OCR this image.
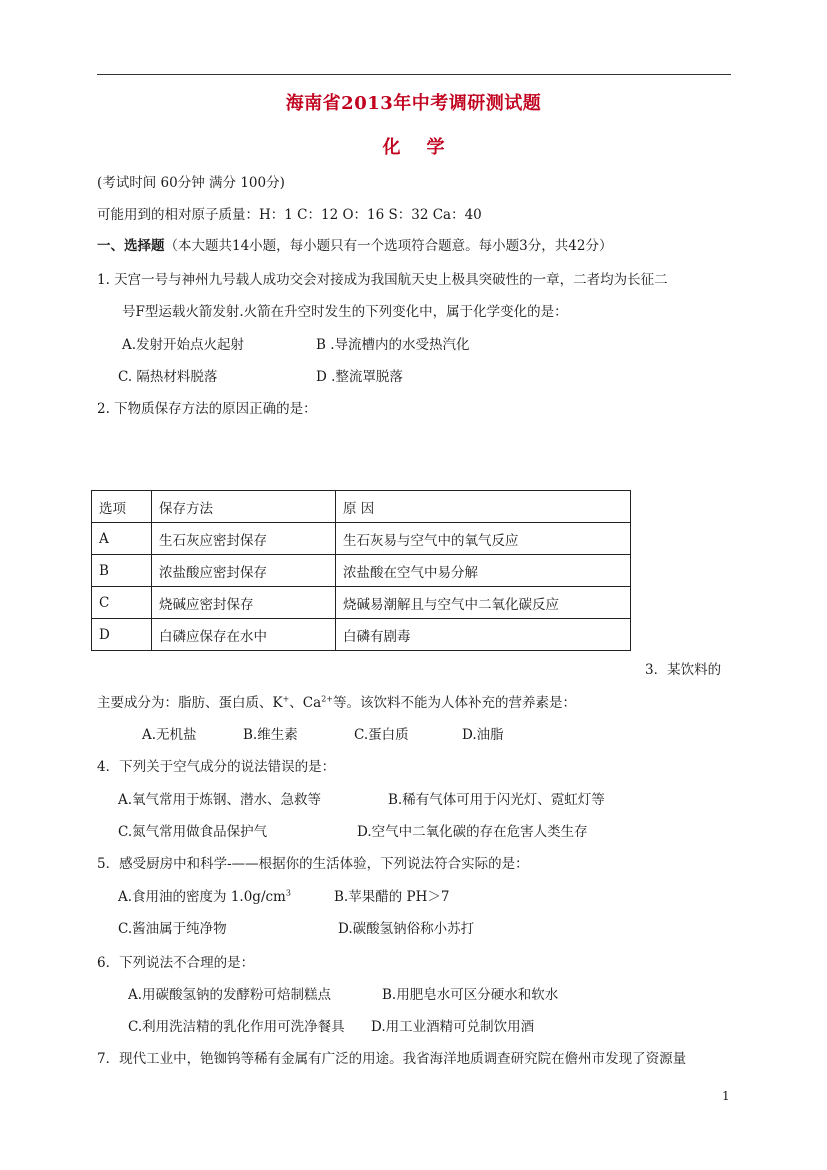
海南省2013年中考调研测试题
化学
(考试时间 60分钟 满分 100分)
可能用到的相对原子质量：H：1 C：12 O：16 S：32 Ca：40
一、选择题（本大题共14小题，每小题只有一个选项符合题意。每小题3分，共42分）
1. 天宫一号与神州九号载人成功交会对接成为我国航天史上极具突破性的一章，二者均为长征二
号F型运载火箭发射.火箭在升空时发生的下列变化中，属于化学变化的是：
A.发射开始点火起射	B .导流槽内的水受热汽化
C. 隔热材料脱落	D .整流罩脱落
2. 下物质保存方法的原因正确的是：
选项	保存方法	原 因
A	生石灰应密封保存	生石灰易与空气中的氧气反应
B	浓盐酸应密封保存	浓盐酸在空气中易分解
C	烧碱应密封保存	烧碱易潮解且与空气中二氧化碳反应
D	白磷应保存在水中	白磷有剧毒
3．某饮料的
主要成分为：脂肪、蛋白质、K+、$Ca^{2+}$等。该饮料不能为人体补充的营养素是：
A.无机盐	B.维生素	C.蛋白质	D.油脂
4．下列关于空气成分的说法错误的是：
A.氧气常用于炼钢、潜水、急救等	B.稀有气体可用于闪光灯、霓虹灯等
C.氮气常用做食品保护气	D.空气中二氧化碳的存在危害人类生存
5．感受厨房中和科学-——根据你的生活体验，下列说法符合实际的是：
A.食用油的密度为 $1.0g/cm^3$	B.苹果醋的 PH＞7
C.酱油属于纯净物	D.碳酸氢钠俗称小苏打
6．下列说法不合理的是：
A.用碳酸氢钠的发酵粉可焙制糕点	B.用肥皂水可区分硬水和软水
C.利用洗洁精的乳化作用可洗净餐具 D.用工业酒精可兑制饮用酒
7．现代工业中，铯铷钨等稀有金属有广泛的用途。我省海洋地质调查研究院在儋州市发现了资源量
1
